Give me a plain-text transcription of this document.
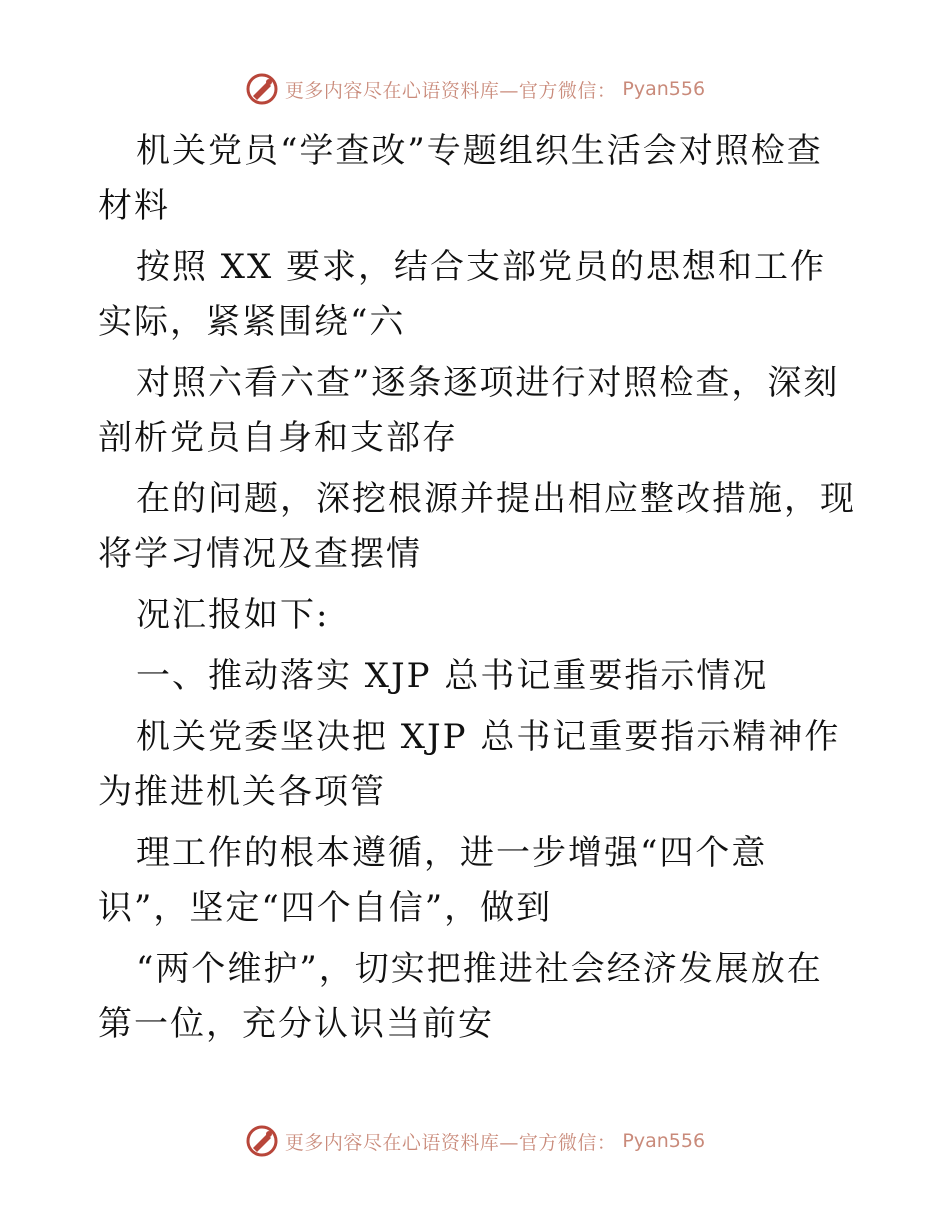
更多内容尽在心语资料库—官方微信： Pyan556

机关党员“学查改”专题组织生活会对照检查材料

按照 XX 要求，结合支部党员的思想和工作实际，紧紧围绕“六

对照六看六查”逐条逐项进行对照检查，深刻剖析党员自身和支部存

在的问题，深挖根源并提出相应整改措施，现将学习情况及查摆情

况汇报如下:

一、推动落实 XJP 总书记重要指示情况

机关党委坚决把 XJP 总书记重要指示精神作为推进机关各项管

理工作的根本遵循，进一步增强“四个意识”，坚定“四个自信”，做到

“两个维护”，切实把推进社会经济发展放在第一位，充分认识当前安

更多内容尽在心语资料库—官方微信： Pyan556
